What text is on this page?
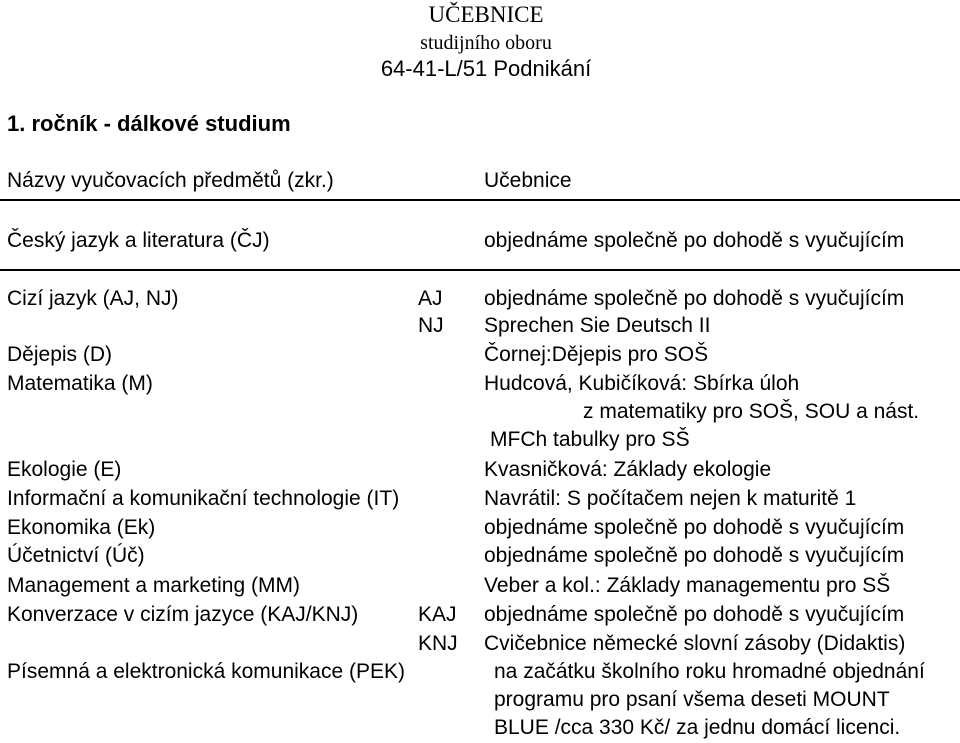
UČEBNICE
studijního oboru
64-41-L/51 Podnikání
1. ročník - dálkové studium
Názvy vyučovacích předmětů (zkr.)	Učebnice
Český jazyk a literatura (ČJ)	objednáme společně po dohodě s vyučujícím
Cizí jazyk (AJ, NJ)	AJ objednáme společně po dohodě s vyučujícím
NJ Sprechen Sie Deutsch II
Dějepis (D)	Čornej:Dějepis pro SOŠ
Matematika (M)	Hudcová, Kubičíková: Sbírka úloh
z matematiky pro SOŠ, SOU a nást.
MFCh tabulky pro SŠ
Ekologie (E)	Kvasničková: Základy ekologie
Informační a komunikační technologie (IT)	Navrátil: S počítačem nejen k maturitě 1
Ekonomika (Ek)	objednáme společně po dohodě s vyučujícím
Účetnictví (Úč)	objednáme společně po dohodě s vyučujícím
Management a marketing (MM)	Veber a kol.: Základy managementu pro SŠ
Konverzace v cizím jazyce (KAJ/KNJ)	KAJ objednáme společně po dohodě s vyučujícím
KNJ Cvičebnice německé slovní zásoby (Didaktis)
Písemná a elektronická komunikace (PEK)	na začátku školního roku hromadné objednání
programu pro psaní všema deseti MOUNT
BLUE /cca 330 Kč/ za jednu domácí licenci.
